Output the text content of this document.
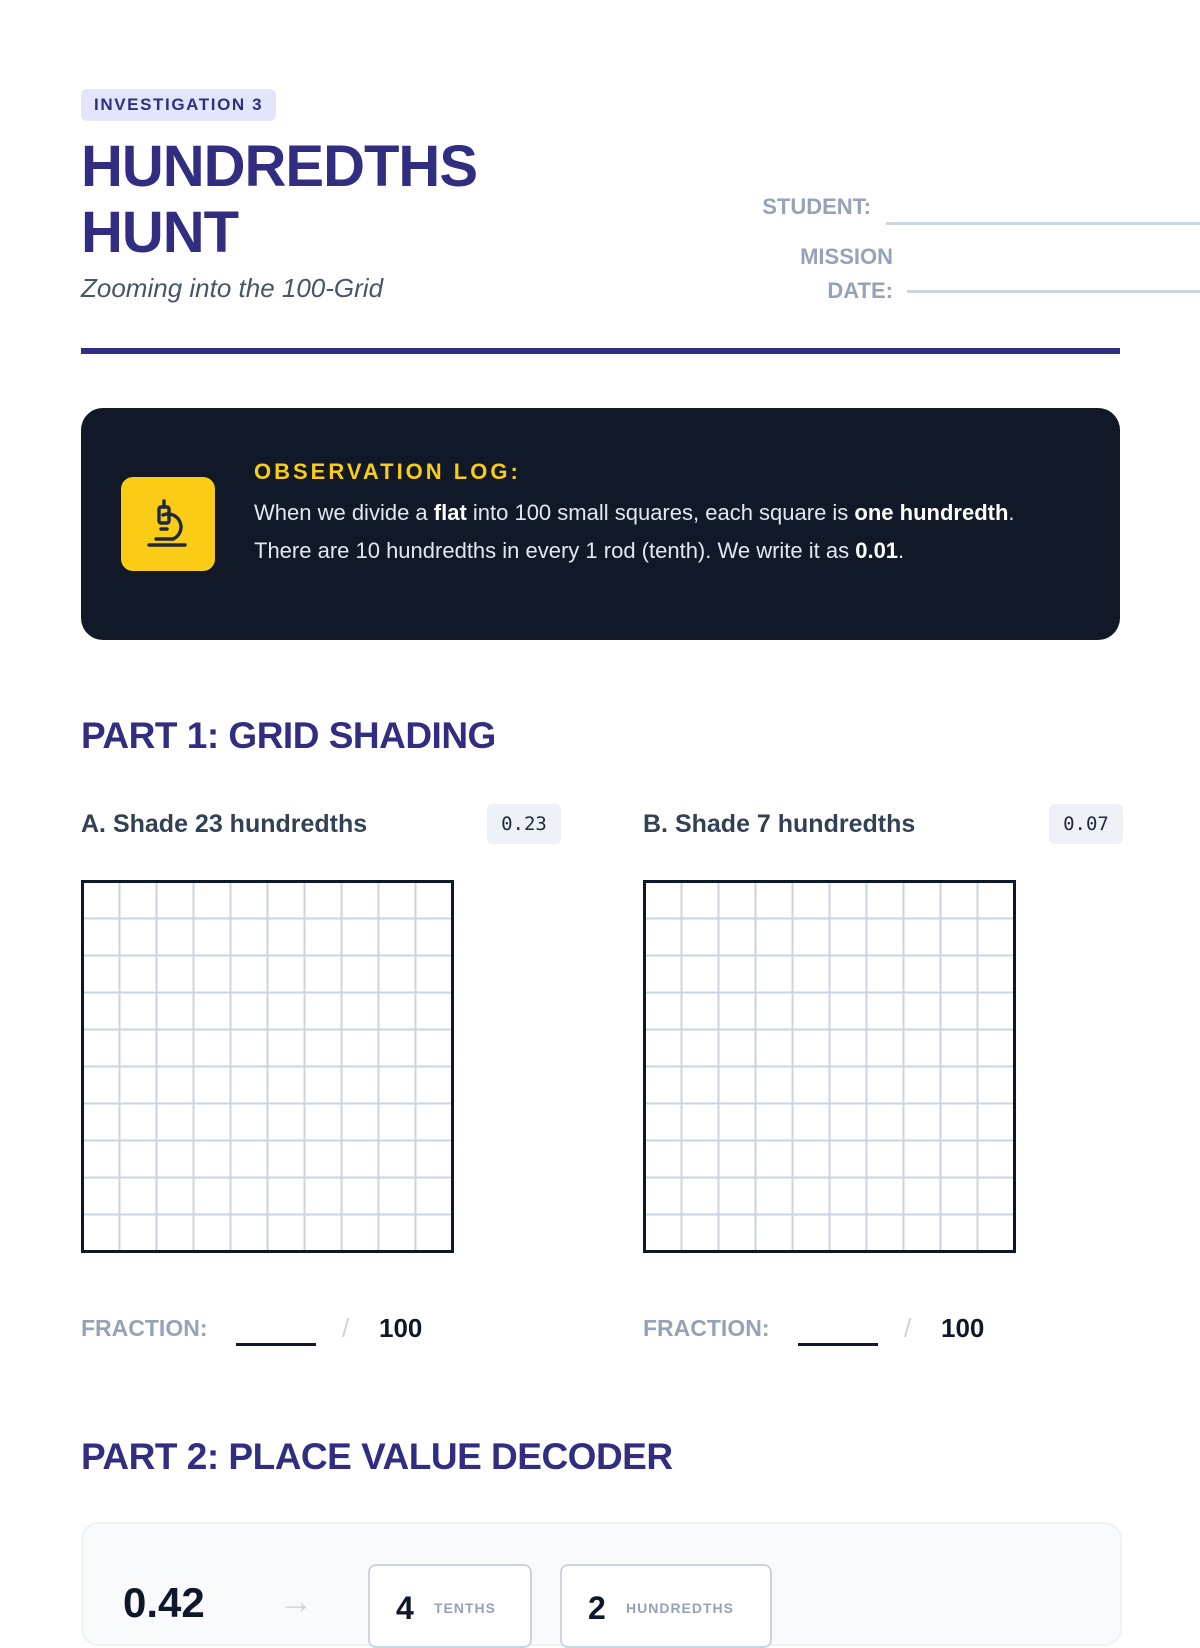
INVESTIGATION 3
HUNDREDTHS HUNT

Zooming into the 100-Grid

STUDENT:
MISSION
DATE:
OBSERVATION LOG:
When we divide a flat into 100 small squares, each square is one hundredth. There are 10 hundredths in every 1 rod (tenth). We write it as 0.01.
PART 1: GRID SHADING
A. Shade 23 hundredths	0.23	B. Shade 7 hundredths	0.07
FRACTION:	/ 100	FRACTION:	/ 100
PART 2: PLACE VALUE DECODER
0.42 →	4 TENTHS	2 HUNDREDTHS
